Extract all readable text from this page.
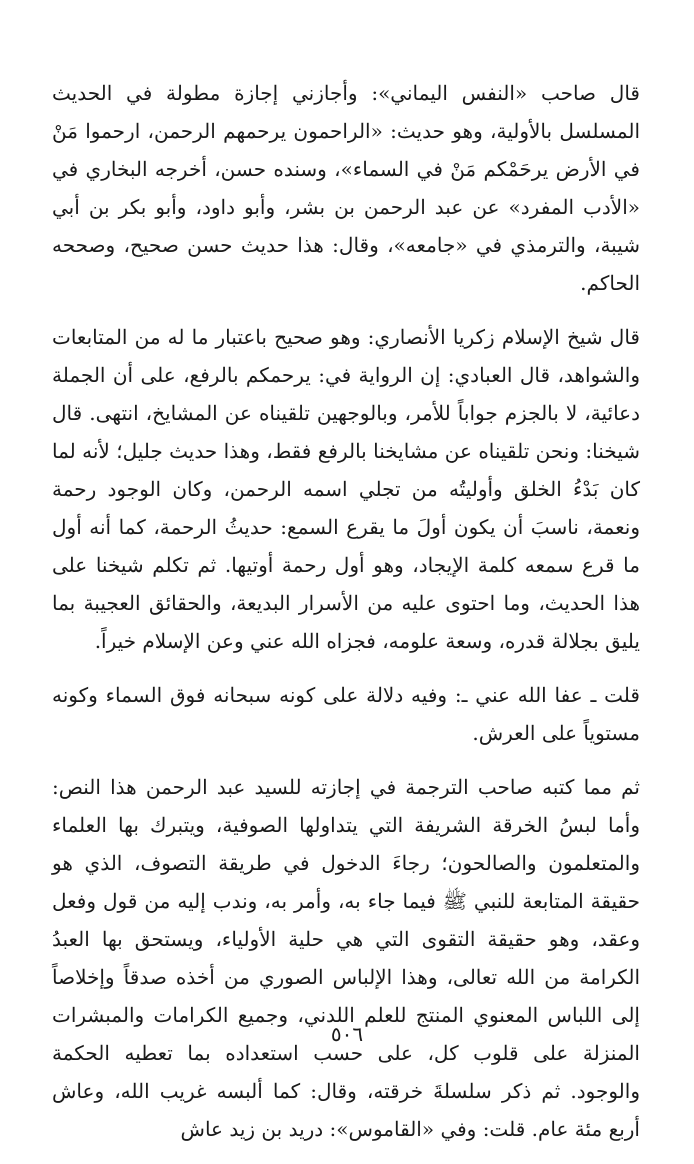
قال صاحب «النفس اليماني»: وأجازني إجازة مطولة في الحديث المسلسل بالأولية، وهو حديث: «الراحمون يرحمهم الرحمن، ارحموا مَنْ في الأرض يرحَمْكم مَنْ في السماء»، وسنده حسن، أخرجه البخاري في «الأدب المفرد» عن عبد الرحمن بن بشر، وأبو داود، وأبو بكر بن أبي شيبة، والترمذي في «جامعه»، وقال: هذا حديث حسن صحيح، وصححه الحاكم.

قال شيخ الإسلام زكريا الأنصاري: وهو صحيح باعتبار ما له من المتابعات والشواهد، قال العبادي: إن الرواية في: يرحمكم بالرفع، على أن الجملة دعائية، لا بالجزم جواباً للأمر، وبالوجهين تلقيناه عن المشايخ، انتهى. قال شيخنا: ونحن تلقيناه عن مشايخنا بالرفع فقط، وهذا حديث جليل؛ لأنه لما كان بَدْءُ الخلق وأوليتُه من تجلي اسمه الرحمن، وكان الوجود رحمة ونعمة، ناسبَ أن يكون أولَ ما يقرع السمع: حديثُ الرحمة، كما أنه أول ما قرع سمعه كلمة الإيجاد، وهو أول رحمة أوتيها. ثم تكلم شيخنا على هذا الحديث، وما احتوى عليه من الأسرار البديعة، والحقائق العجيبة بما يليق بجلالة قدره، وسعة علومه، فجزاه الله عني وعن الإسلام خيراً.

قلت ـ عفا الله عني ـ: وفيه دلالة على كونه سبحانه فوق السماء وكونه مستوياً على العرش.

ثم مما كتبه صاحب الترجمة في إجازته للسيد عبد الرحمن هذا النص: وأما لبسُ الخرقة الشريفة التي يتداولها الصوفية، ويتبرك بها العلماء والمتعلمون والصالحون؛ رجاءَ الدخول في طريقة التصوف، الذي هو حقيقة المتابعة للنبي ﷺ فيما جاء به، وأمر به، وندب إليه من قول وفعل وعقد، وهو حقيقة التقوى التي هي حلية الأولياء، ويستحق بها العبدُ الكرامة من الله تعالى، وهذا الإلباس الصوري من أخذه صدقاً وإخلاصاً إلى اللباس المعنوي المنتج للعلم اللدني، وجميع الكرامات والمبشرات المنزلة على قلوب كل، على حسب استعداده بما تعطيه الحكمة والوجود. ثم ذكر سلسلةَ خرقته، وقال: كما ألبسه غريب الله، وعاش أربع مئة عام. قلت: وفي «القاموس»: دريد بن زيد عاش

٥٠٦
